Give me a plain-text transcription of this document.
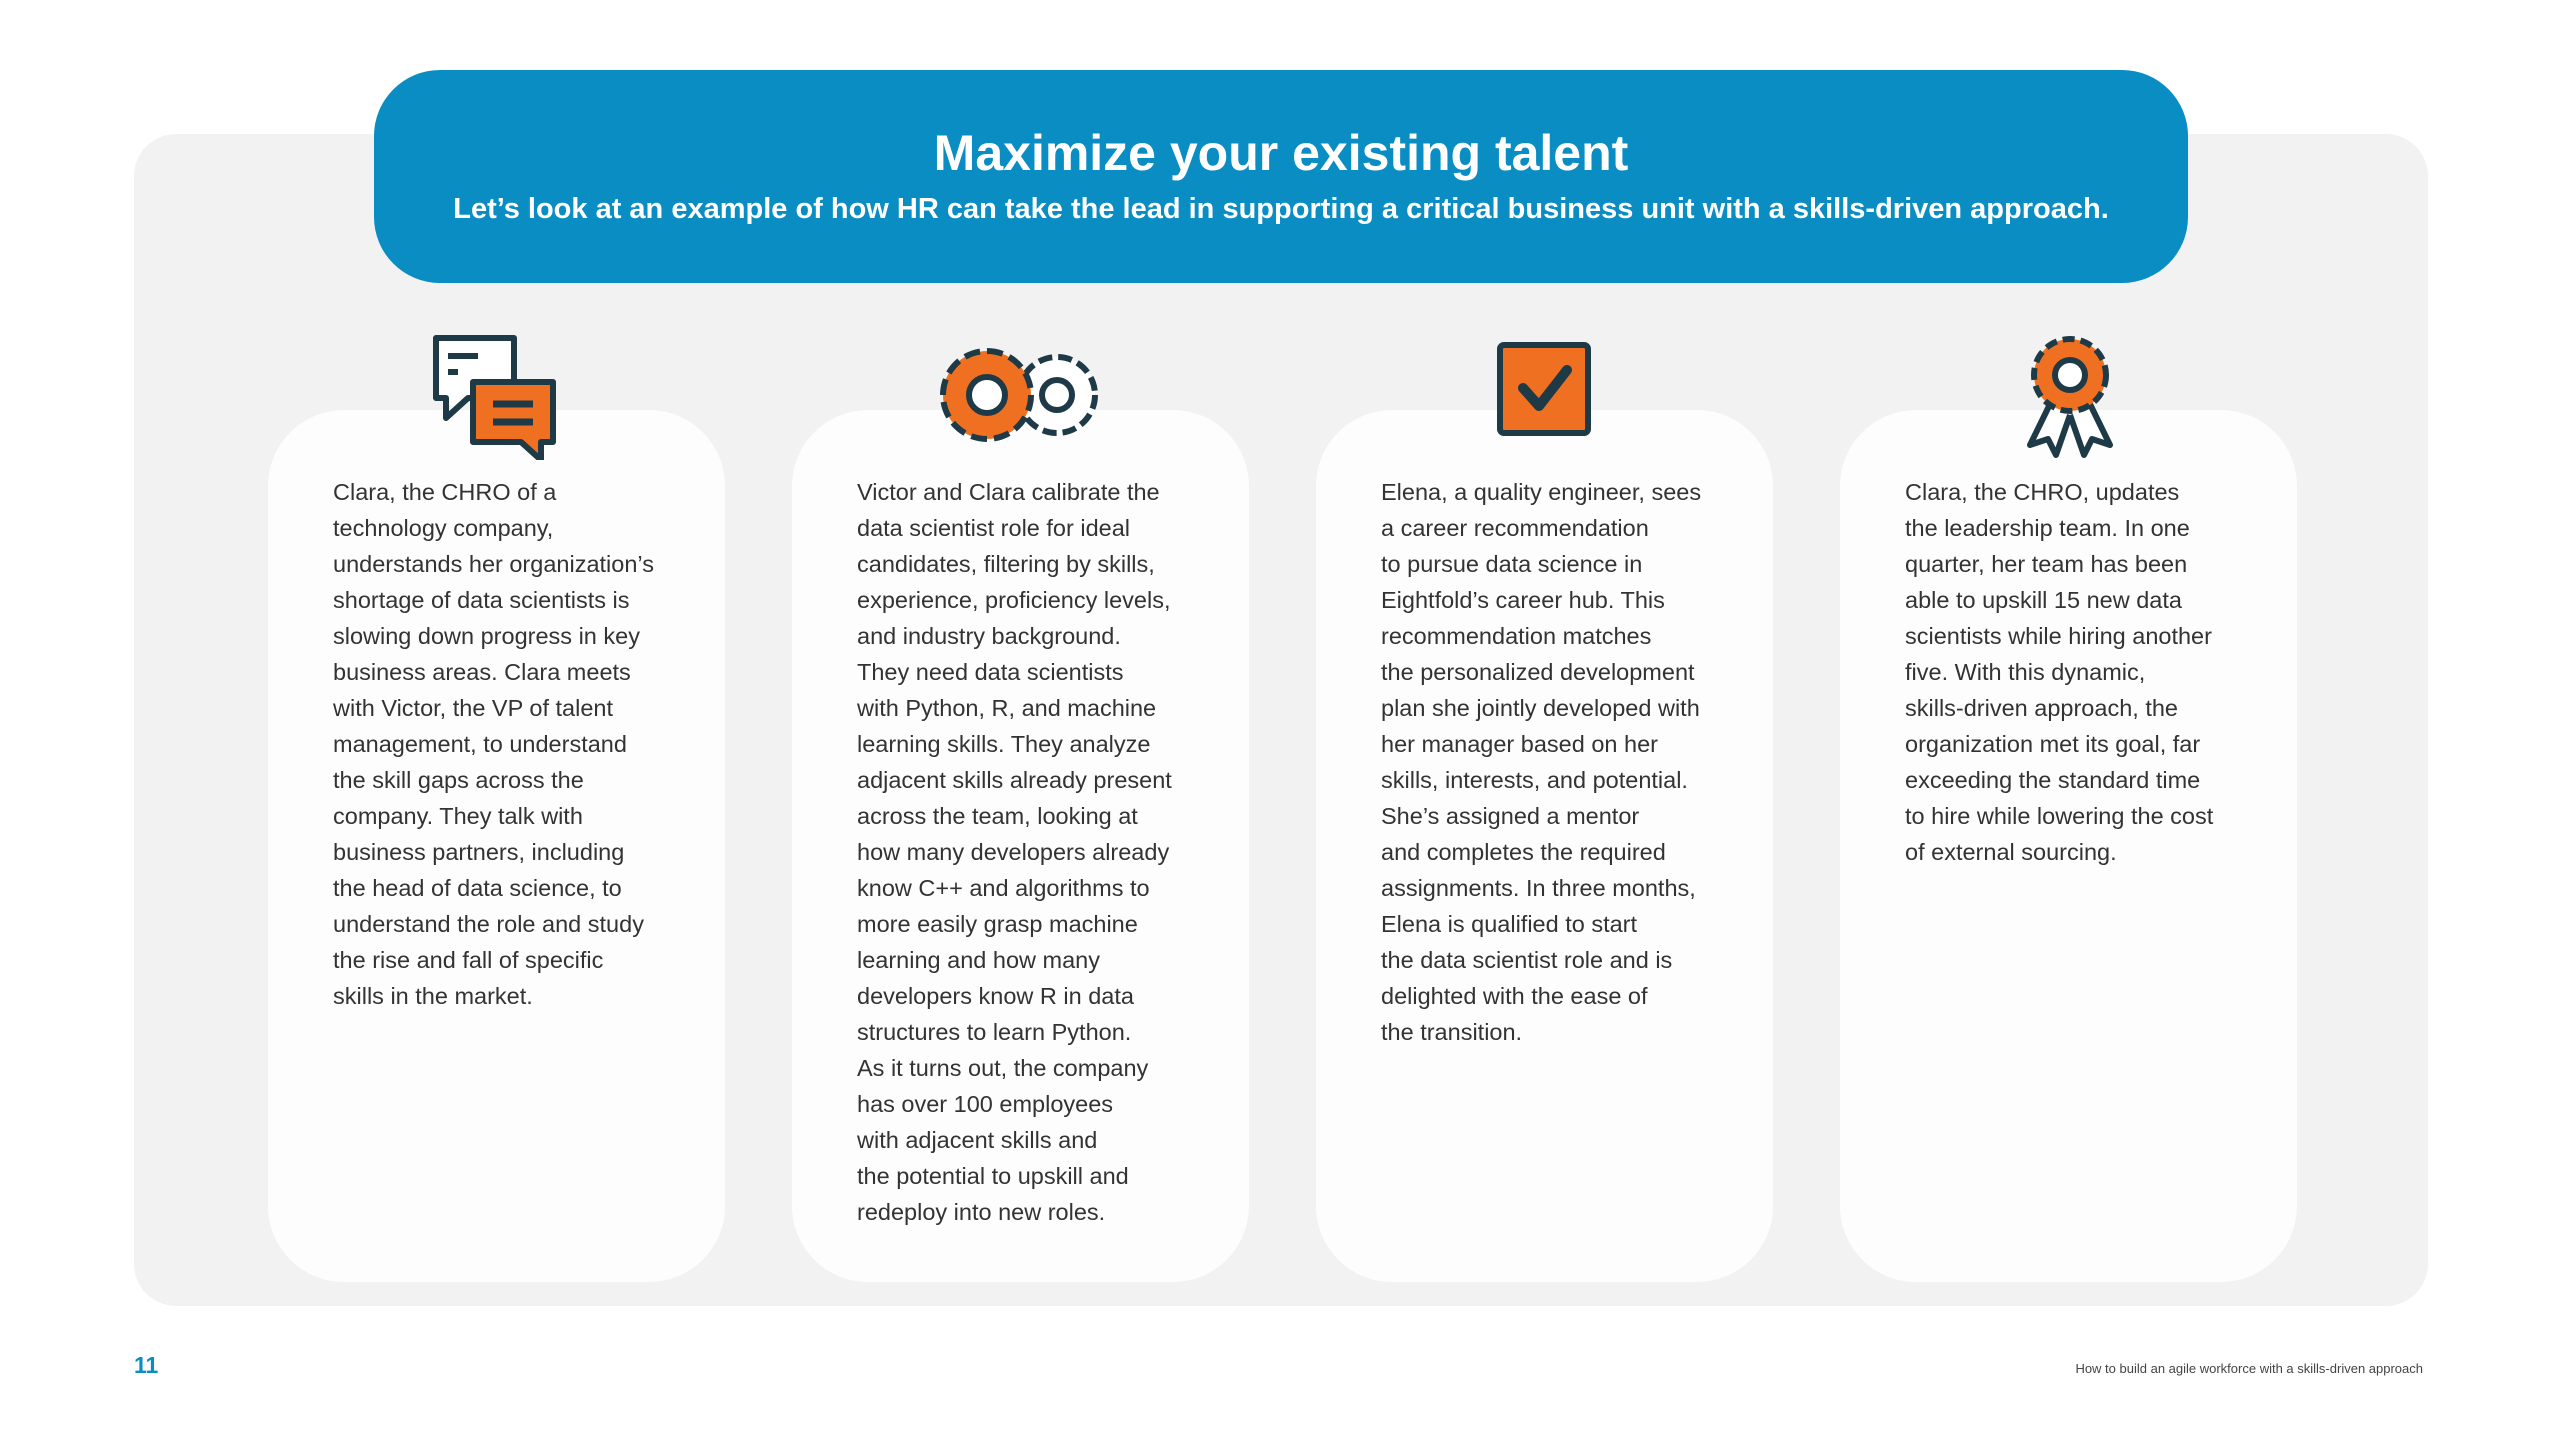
Maximize your existing talent

Let’s look at an example of how HR can take the lead in supporting a critical business unit with a skills-driven approach.

Clara, the CHRO of a
technology company,
understands her organization’s
shortage of data scientists is
slowing down progress in key
business areas. Clara meets
with Victor, the VP of talent
management, to understand
the skill gaps across the
company. They talk with
business partners, including
the head of data science, to
understand the role and study
the rise and fall of specific
skills in the market.
Victor and Clara calibrate the
data scientist role for ideal
candidates, filtering by skills,
experience, proficiency levels,
and industry background.
They need data scientists
with Python, R, and machine
learning skills. They analyze
adjacent skills already present
across the team, looking at
how many developers already
know C++ and algorithms to
more easily grasp machine
learning and how many
developers know R in data
structures to learn Python.
As it turns out, the company
has over 100 employees
with adjacent skills and
the potential to upskill and
redeploy into new roles.
Elena, a quality engineer, sees
a career recommendation
to pursue data science in
Eightfold’s career hub. This
recommendation matches
the personalized development
plan she jointly developed with
her manager based on her
skills, interests, and potential.
She’s assigned a mentor
and completes the required
assignments. In three months,
Elena is qualified to start
the data scientist role and is
delighted with the ease of
the transition.
Clara, the CHRO, updates
the leadership team. In one
quarter, her team has been
able to upskill 15 new data
scientists while hiring another
five. With this dynamic,
skills-driven approach, the
organization met its goal, far
exceeding the standard time
to hire while lowering the cost
of external sourcing.
11	How to build an agile workforce with a skills-driven approach
